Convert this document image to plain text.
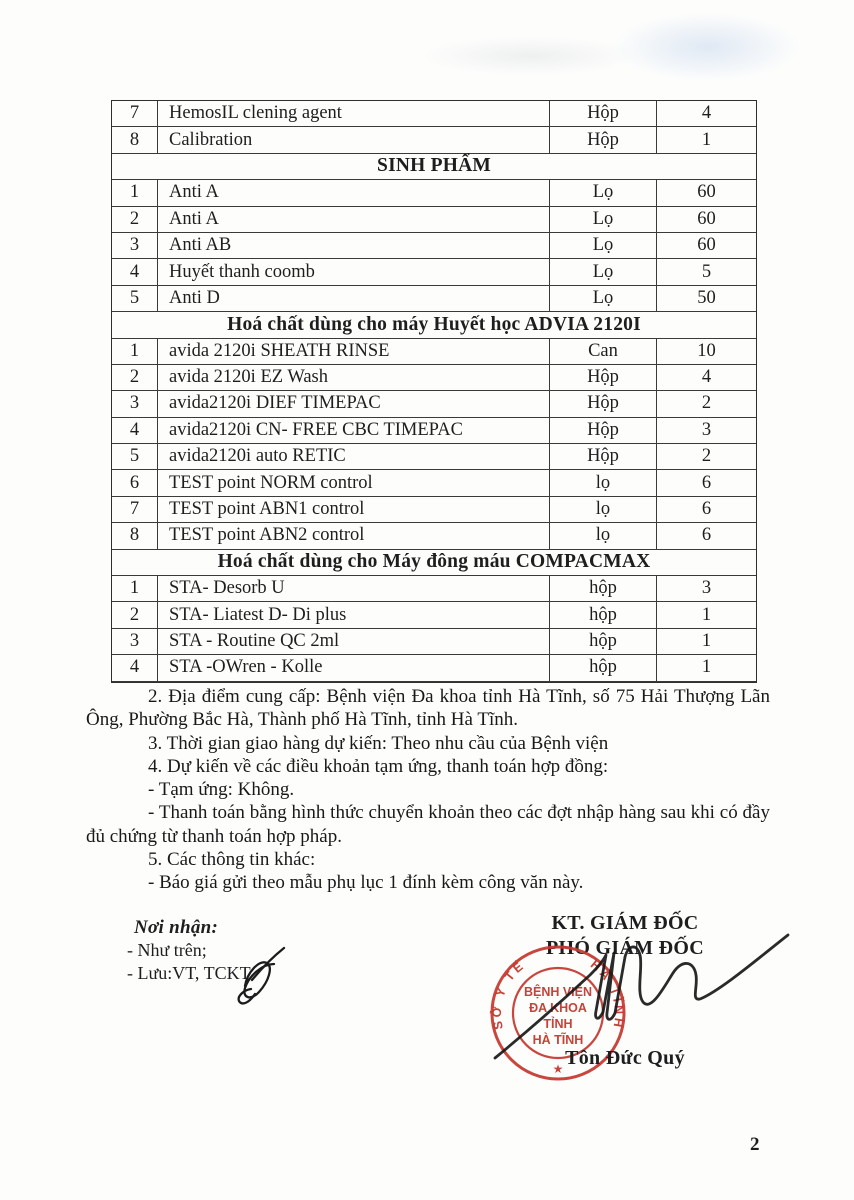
7	HemosIL clening agent	Hộp	4
8	Calibration	Hộp	1
SINH PHẨM
1	Anti A	Lọ	60
2	Anti A	Lọ	60
3	Anti AB	Lọ	60
4	Huyết thanh coomb	Lọ	5
5	Anti D	Lọ	50
Hoá chất dùng cho máy Huyết học ADVIA 2120I
1	avida 2120i SHEATH RINSE	Can	10
2	avida 2120i EZ Wash	Hộp	4
3	avida2120i DIEF TIMEPAC	Hộp	2
4	avida2120i CN- FREE CBC TIMEPAC	Hộp	3
5	avida2120i auto RETIC	Hộp	2
6	TEST point NORM control	lọ	6
7	TEST point ABN1 control	lọ	6
8	TEST point ABN2 control	lọ	6
Hoá chất dùng cho Máy đông máu COMPACMAX
1	STA- Desorb U	hộp	3
2	STA- Liatest D- Di plus	hộp	1
3	STA - Routine QC 2ml	hộp	1
4	STA -OWren - Kolle	hộp	1

2. Địa điểm cung cấp: Bệnh viện Đa khoa tỉnh Hà Tĩnh, số 75 Hải Thượng Lãn Ông, Phường Bắc Hà, Thành phố Hà Tĩnh, tỉnh Hà Tĩnh.

3. Thời gian giao hàng dự kiến: Theo nhu cầu của Bệnh viện

4. Dự kiến về các điều khoản tạm ứng, thanh toán hợp đồng:

- Tạm ứng: Không.

- Thanh toán bằng hình thức chuyển khoản theo các đợt nhập hàng sau khi có đầy đủ chứng từ thanh toán hợp pháp.

5. Các thông tin khác:

- Báo giá gửi theo mẫu phụ lục 1 đính kèm công văn này.

Nơi nhận:
- Như trên;
- Lưu:VT, TCKT
KT. GIÁM ĐỐC
PHÓ GIÁM ĐỐC
SỞ Y TẾ	HÀ TĨNH
BỆNH VIỆN
ĐA KHOA
TỈNH
HÀ TĨNH
★ Tôn Đức Quý
2
